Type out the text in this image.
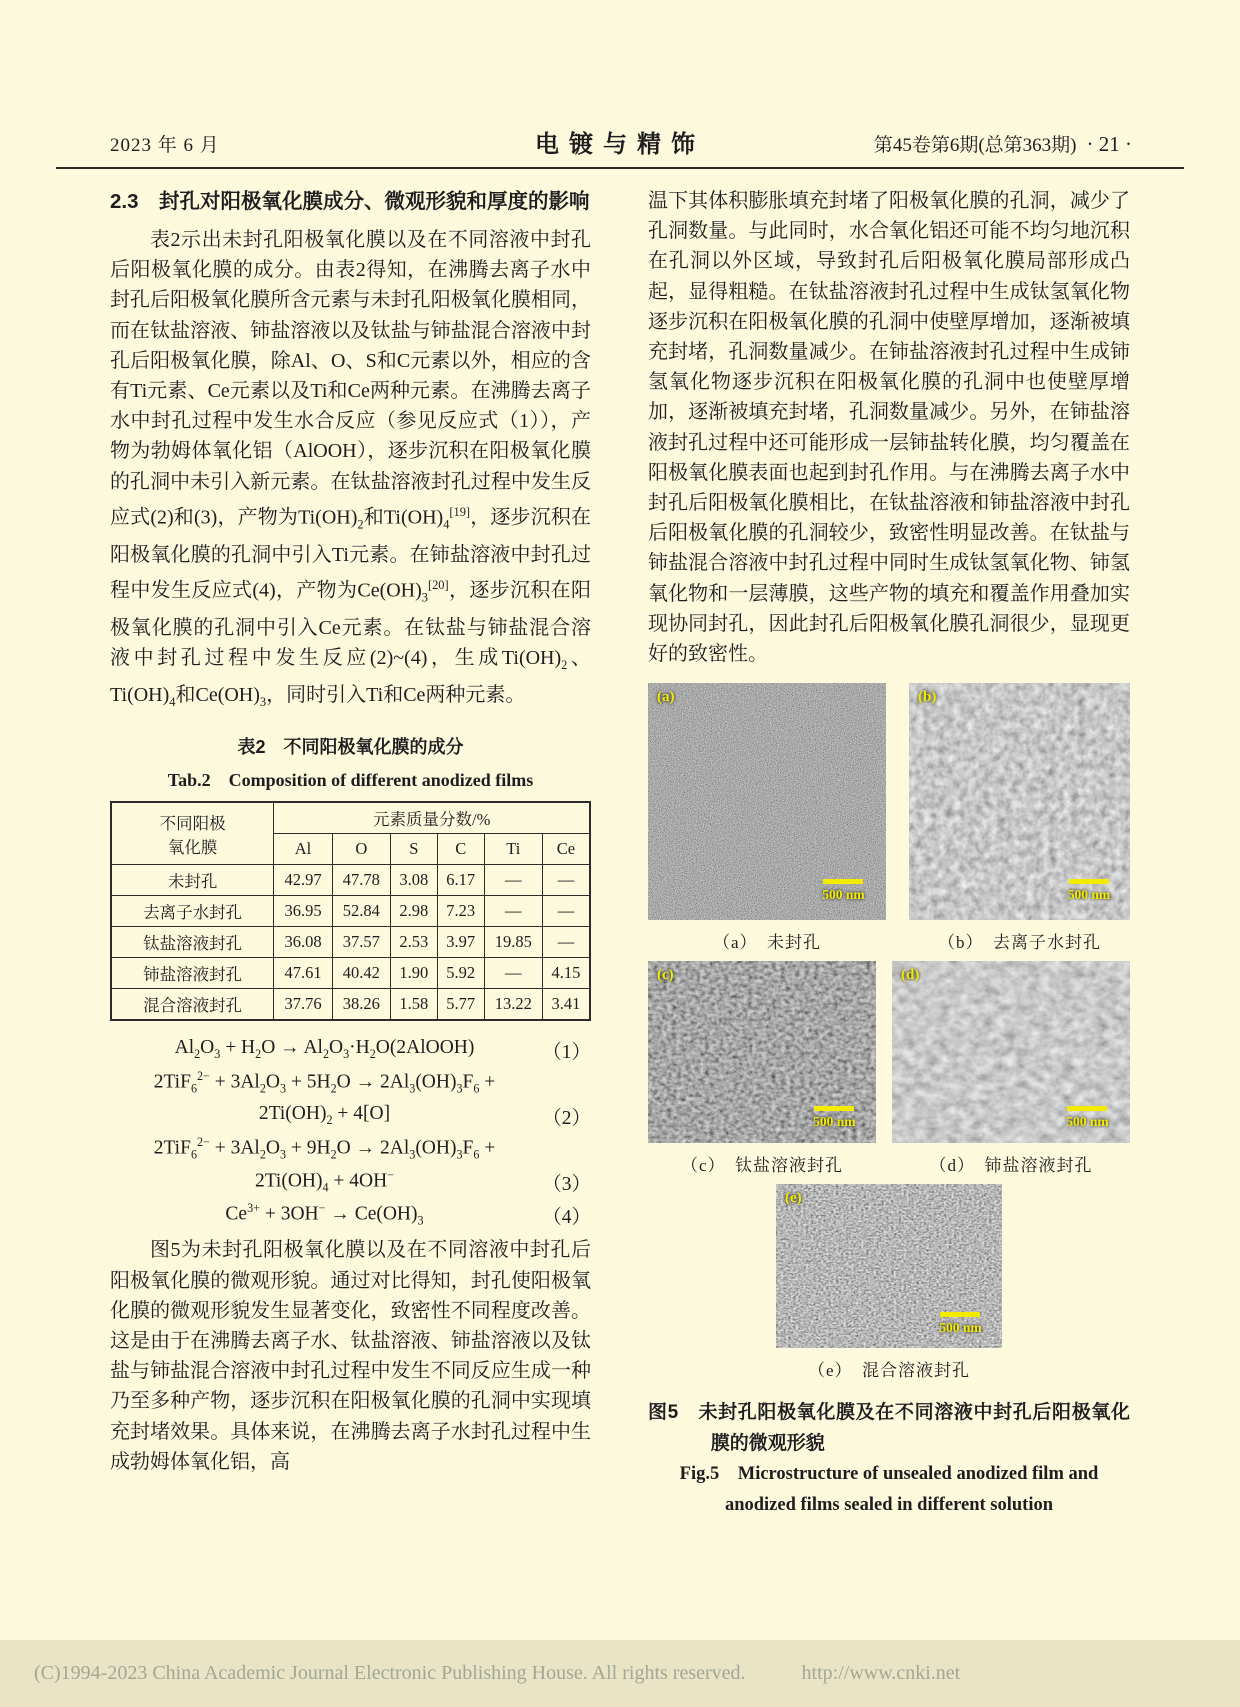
2023 年 6 月	电镀与精饰	第45卷第6期(总第363期) · 21 ·
2.3　封孔对阳极氧化膜成分、微观形貌和厚度的影响

表2示出未封孔阳极氧化膜以及在不同溶液中封孔后阳极氧化膜的成分。由表2得知，在沸腾去离子水中封孔后阳极氧化膜所含元素与未封孔阳极氧化膜相同，而在钛盐溶液、铈盐溶液以及钛盐与铈盐混合溶液中封孔后阳极氧化膜，除Al、O、S和C元素以外，相应的含有Ti元素、Ce元素以及Ti和Ce两种元素。在沸腾去离子水中封孔过程中发生水合反应（参见反应式（1）），产物为勃姆体氧化铝（AlOOH），逐步沉积在阳极氧化膜的孔洞中未引入新元素。在钛盐溶液封孔过程中发生反应式(2)和(3)，产物为$Ti(OH)_2$和$Ti(OH)_4[19]$，逐步沉积在阳极氧化膜的孔洞中引入Ti元素。在铈盐溶液中封孔过程中发生反应式(4)，产物为$Ce(OH)_3[20]$，逐步沉积在阳极氧化膜的孔洞中引入Ce元素。在钛盐与铈盐混合溶液中封孔过程中发生反应(2)~(4)，生成$Ti(OH)_2$、$Ti(OH)_4$和$Ce(OH)_3$，同时引入Ti和Ce两种元素。

表2　不同阳极氧化膜的成分
Tab.2　Composition of different anodized films
不同阳极
氧化膜	元素质量分数/%					
	Al	O	S	C	Ti	Ce
未封孔	42.97	47.78	3.08	6.17	—	—
去离子水封孔	36.95	52.84	2.98	7.23	—	—
钛盐溶液封孔	36.08	37.57	2.53	3.97	19.85	—
铈盐溶液封孔	47.61	40.42	1.90	5.92	—	4.15
混合溶液封孔	37.76	38.26	1.58	5.77	13.22	3.41
$Al_2O_3 + H_2O$ → $Al_2O_3\cdot H_2O(2AlOOH)$	（1）
$2TiF_6^{2-} + 3Al_2O_3 + 5H_2O \to 2Al_3(OH)_3F_6$ +
$2Ti(OH)_2 + 4[O]$	（2）
$2TiF_6^{2-} + 3Al_2O_3 + 9H_2O \to 2Al_3(OH)_3F_6$ +
$2Ti(OH)_4 + 4OH^-$	（3）
$Ce^{3+} + 3OH^- \to Ce(OH)_3$	（4）

图5为未封孔阳极氧化膜以及在不同溶液中封孔后阳极氧化膜的微观形貌。通过对比得知，封孔使阳极氧化膜的微观形貌发生显著变化，致密性不同程度改善。这是由于在沸腾去离子水、钛盐溶液、铈盐溶液以及钛盐与铈盐混合溶液中封孔过程中发生不同反应生成一种乃至多种产物，逐步沉积在阳极氧化膜的孔洞中实现填充封堵效果。具体来说，在沸腾去离子水封孔过程中生成勃姆体氧化铝，高

温下其体积膨胀填充封堵了阳极氧化膜的孔洞，减少了孔洞数量。与此同时，水合氧化铝还可能不均匀地沉积在孔洞以外区域，导致封孔后阳极氧化膜局部形成凸起，显得粗糙。在钛盐溶液封孔过程中生成钛氢氧化物逐步沉积在阳极氧化膜的孔洞中使壁厚增加，逐渐被填充封堵，孔洞数量减少。在铈盐溶液封孔过程中生成铈氢氧化物逐步沉积在阳极氧化膜的孔洞中也使壁厚增加，逐渐被填充封堵，孔洞数量减少。另外，在铈盐溶液封孔过程中还可能形成一层铈盐转化膜，均匀覆盖在阳极氧化膜表面也起到封孔作用。与在沸腾去离子水中封孔后阳极氧化膜相比，在钛盐溶液和铈盐溶液中封孔后阳极氧化膜的孔洞较少，致密性明显改善。在钛盐与铈盐混合溶液中封孔过程中同时生成钛氢氧化物、铈氢氧化物和一层薄膜，这些产物的填充和覆盖作用叠加实现协同封孔，因此封孔后阳极氧化膜孔洞很少，显现更好的致密性。

(a)
500 nm
（a）　未封孔
(b)
500 nm
（b）　去离子水封孔
(c)
500 nm
（c）　钛盐溶液封孔
(d)
500 nm
（d）　铈盐溶液封孔
(e)
500 nm
（e）　混合溶液封孔
图5　未封孔阳极氧化膜及在不同溶液中封孔后阳极氧化膜的微观形貌
Fig.5　Microstructure of unsealed anodized film and
anodized films sealed in different solution
(C)1994-2023 China Academic Journal Electronic Publishing House. All rights reserved.	http://www.cnki.net
